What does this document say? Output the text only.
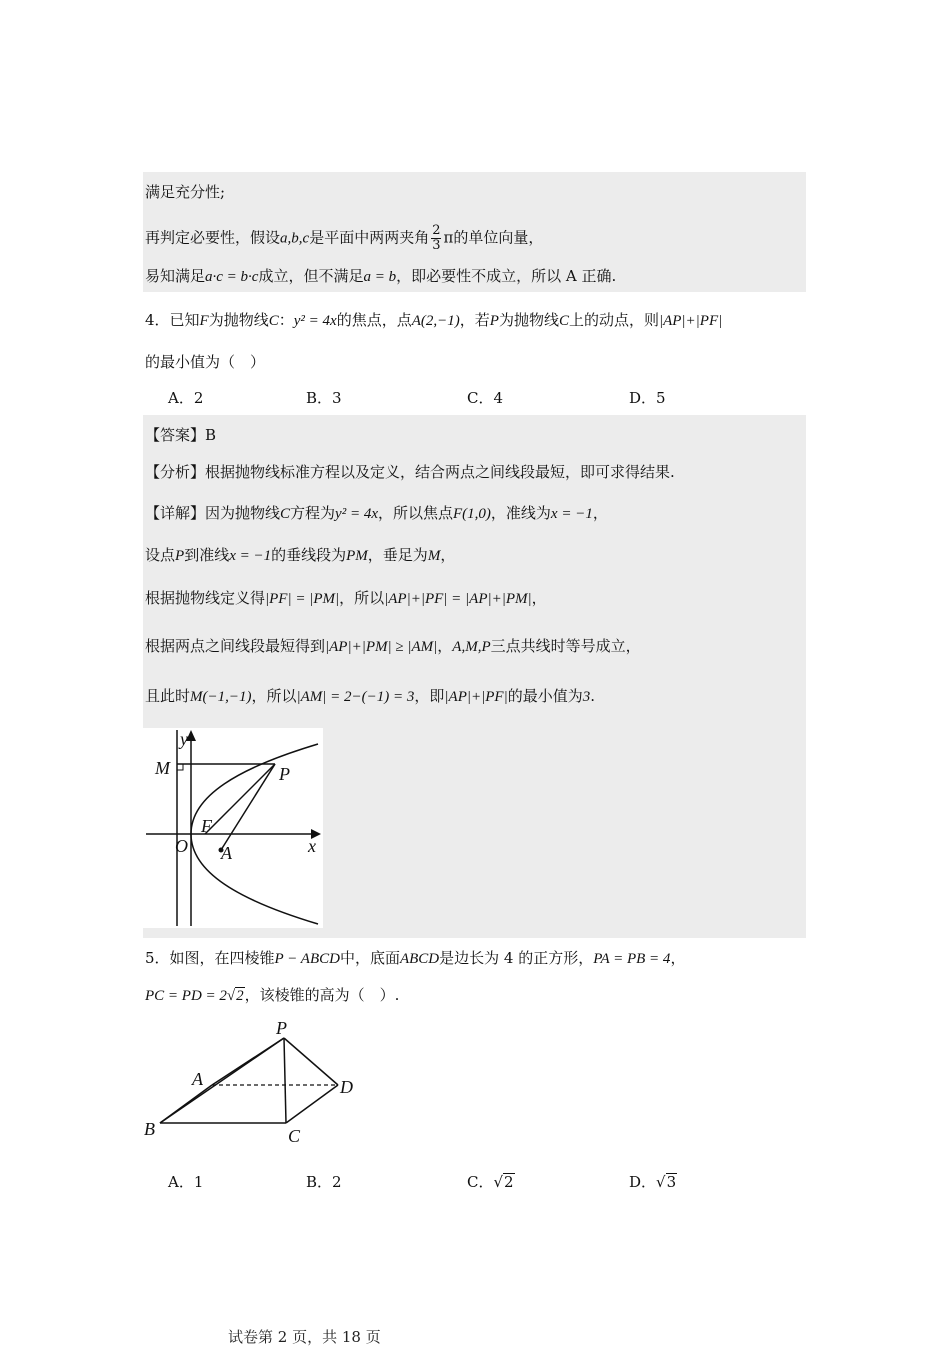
满足充分性;
再判定必要性，假设a,b,c是平面中两两夹角 $\frac{2}{3}$ π的单位向量，
易知满足a·c = b·c成立，但不满足a = b，即必要性不成立，所以 A 正确.
4．已知F为抛物线C：y² = 4x的焦点，点A(2,−1)，若P为抛物线C上的动点，则|AP|+|PF|
的最小值为（　）
A．2	B．3	C．4	D．5
【答案】B
【分析】根据抛物线标准方程以及定义，结合两点之间线段最短，即可求得结果.
【详解】因为抛物线C方程为y² = 4x，所以焦点F(1,0)，准线为x = −1，
设点P到准线x = −1的垂线段为PM，垂足为M，
根据抛物线定义得|PF| = |PM|，所以|AP|+|PF| = |AP|+|PM|，
根据两点之间线段最短得到|AP|+|PM| ≥ |AM|，A,M,P三点共线时等号成立，
且此时M(−1,−1)，所以|AM| = 2−(−1) = 3，即|AP|+|PF|的最小值为3.
y
M	P
F
O A	x
5．如图，在四棱锥P − ABCD中，底面ABCD是边长为 4 的正方形，PA = PB = 4，
PC = PD = 2√2，该棱锥的高为（　）.
P
A	D
B	C
A．1	B．2	C．√2	D．√3
试卷第 2 页，共 18 页
